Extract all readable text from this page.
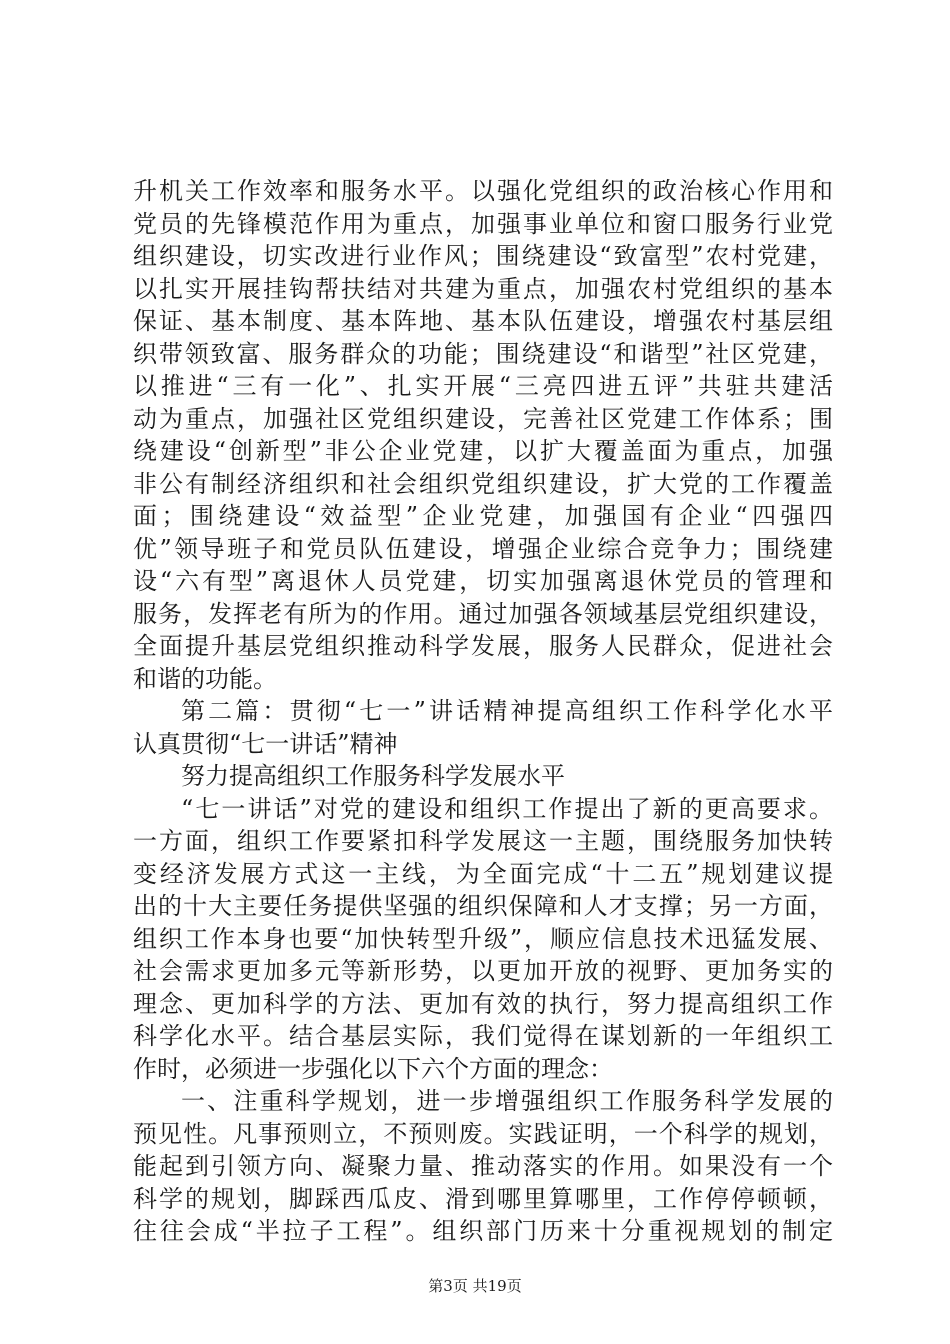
升机关工作效率和服务水平。以强化党组织的政治核心作用和
党员的先锋模范作用为重点，加强事业单位和窗口服务行业党
组织建设，切实改进行业作风；围绕建设“致富型”农村党建，
以扎实开展挂钩帮扶结对共建为重点，加强农村党组织的基本
保证、基本制度、基本阵地、基本队伍建设，增强农村基层组
织带领致富、服务群众的功能；围绕建设“和谐型”社区党建，
以推进“三有一化”、扎实开展“三亮四进五评”共驻共建活
动为重点，加强社区党组织建设，完善社区党建工作体系；围
绕建设“创新型”非公企业党建，以扩大覆盖面为重点，加强
非公有制经济组织和社会组织党组织建设，扩大党的工作覆盖
面；围绕建设“效益型”企业党建，加强国有企业“四强四
优”领导班子和党员队伍建设，增强企业综合竞争力；围绕建
设“六有型”离退休人员党建，切实加强离退休党员的管理和
服务，发挥老有所为的作用。通过加强各领域基层党组织建设，
全面提升基层党组织推动科学发展，服务人民群众，促进社会
和谐的功能。
第二篇：贯彻“七一”讲话精神提高组织工作科学化水平
认真贯彻“七一讲话”精神
努力提高组织工作服务科学发展水平
“七一讲话”对党的建设和组织工作提出了新的更高要求。
一方面，组织工作要紧扣科学发展这一主题，围绕服务加快转
变经济发展方式这一主线，为全面完成“十二五”规划建议提
出的十大主要任务提供坚强的组织保障和人才支撑；另一方面，
组织工作本身也要“加快转型升级”，顺应信息技术迅猛发展、
社会需求更加多元等新形势，以更加开放的视野、更加务实的
理念、更加科学的方法、更加有效的执行，努力提高组织工作
科学化水平。结合基层实际，我们觉得在谋划新的一年组织工
作时，必须进一步强化以下六个方面的理念：
一、注重科学规划，进一步增强组织工作服务科学发展的
预见性。凡事预则立，不预则废。实践证明，一个科学的规划，
能起到引领方向、凝聚力量、推动落实的作用。如果没有一个
科学的规划，脚踩西瓜皮、滑到哪里算哪里，工作停停顿顿，
往往会成“半拉子工程”。组织部门历来十分重视规划的制定
第3页 共19页
